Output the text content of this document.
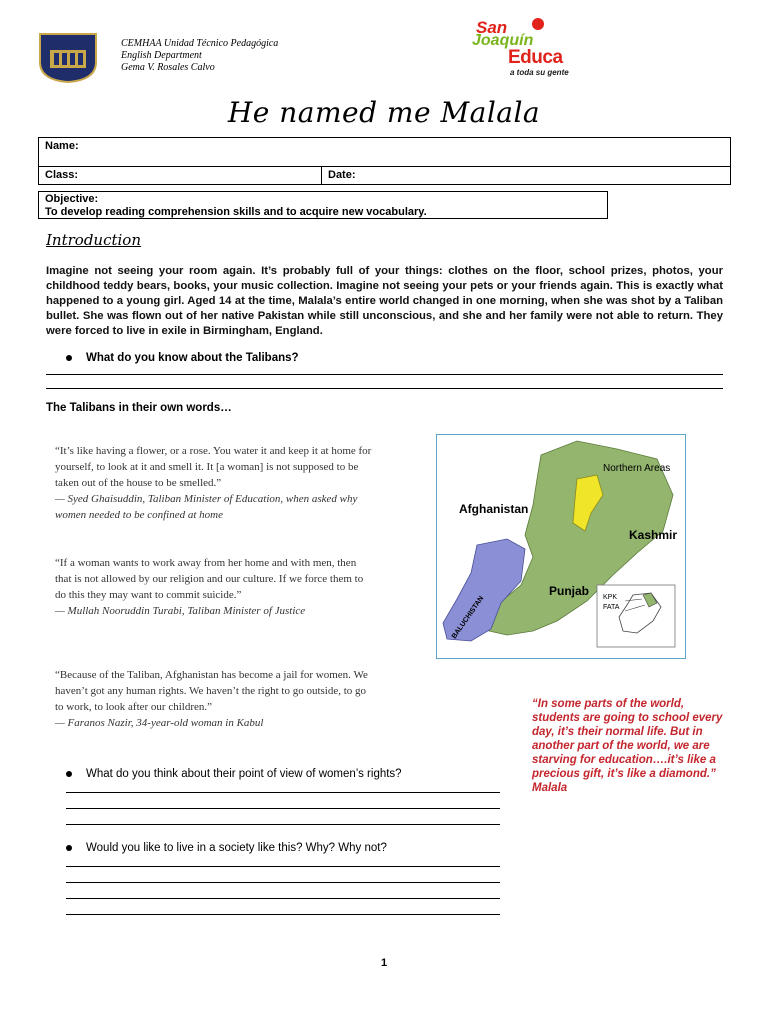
CEMHAA Unidad Técnico Pedagógica
English Department
Gema V. Rosales Calvo
San
Joaquín
Educa
a toda su gente
He named me Malala
Name:
Class:	Date:
Objective:
To develop reading comprehension skills and to acquire new vocabulary.
Introduction
Imagine not seeing your room again. It’s probably full of your things: clothes on the floor, school prizes, photos, your childhood teddy bears, books, your music collection. Imagine not seeing your pets or your friends again. This is exactly what happened to a young girl. Aged 14 at the time, Malala’s entire world changed in one morning, when she was shot by a Taliban bullet. She was flown out of her native Pakistan while still unconscious, and she and her family were not able to return. They were forced to live in exile in Birmingham, England.
What do you know about the Talibans?
The Talibans in their own words…
“It’s like having a flower, or a rose. You water it and keep it at home for yourself, to look at it and smell it. It [a woman] is not supposed to be taken out of the house to be smelled.”
— Syed Ghaisuddin, Taliban Minister of Education, when asked why women needed to be confined at home
“If a woman wants to work away from her home and with men, then that is not allowed by our religion and our culture. If we force them to do this they may want to commit suicide.”
— Mullah Nooruddin Turabi, Taliban Minister of Justice
“Because of the Taliban, Afghanistan has become a jail for women. We haven’t got any human rights. We haven’t the right to go outside, to go to work, to look after our children.”
— Faranos Nazir, 34-year-old woman in Kabul
KPK
FATA
Northern Areas
Afghanistan
Kashmir
Punjab
BALUCHISTAN
“In some parts of the world, students are going to school every day, it’s their normal life. But in another part of the world, we are starving for education….it’s like a precious gift, it’s like a diamond.”
Malala
What do you think about their point of view of women’s rights?
Would you like to live in a society like this? Why? Why not?
1
